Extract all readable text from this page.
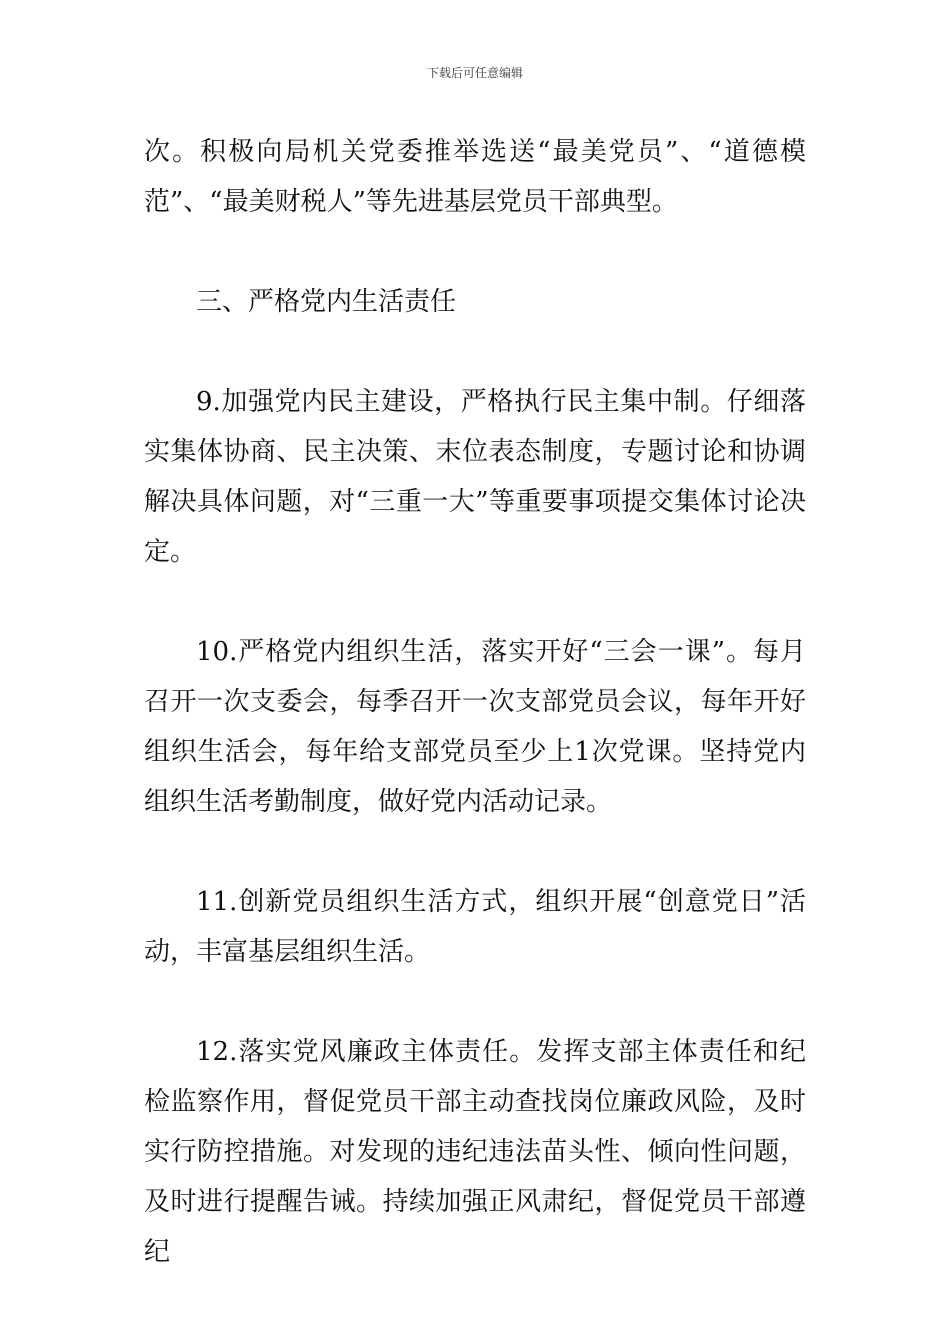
下载后可任意编辑

次。积极向局机关党委推举选送“最美党员”、“道德模范”、“最美财税人”等先进基层党员干部典型。

三、严格党内生活责任

9.加强党内民主建设，严格执行民主集中制。仔细落实集体协商、民主决策、末位表态制度，专题讨论和协调解决具体问题，对“三重一大”等重要事项提交集体讨论决定。

10.严格党内组织生活，落实开好“三会一课”。每月召开一次支委会，每季召开一次支部党员会议，每年开好组织生活会，每年给支部党员至少上1次党课。坚持党内组织生活考勤制度，做好党内活动记录。

11.创新党员组织生活方式，组织开展“创意党日”活动，丰富基层组织生活。

12.落实党风廉政主体责任。发挥支部主体责任和纪检监察作用，督促党员干部主动查找岗位廉政风险，及时实行防控措施。对发现的违纪违法苗头性、倾向性问题，及时进行提醒告诫。持续加强正风肃纪，督促党员干部遵纪
